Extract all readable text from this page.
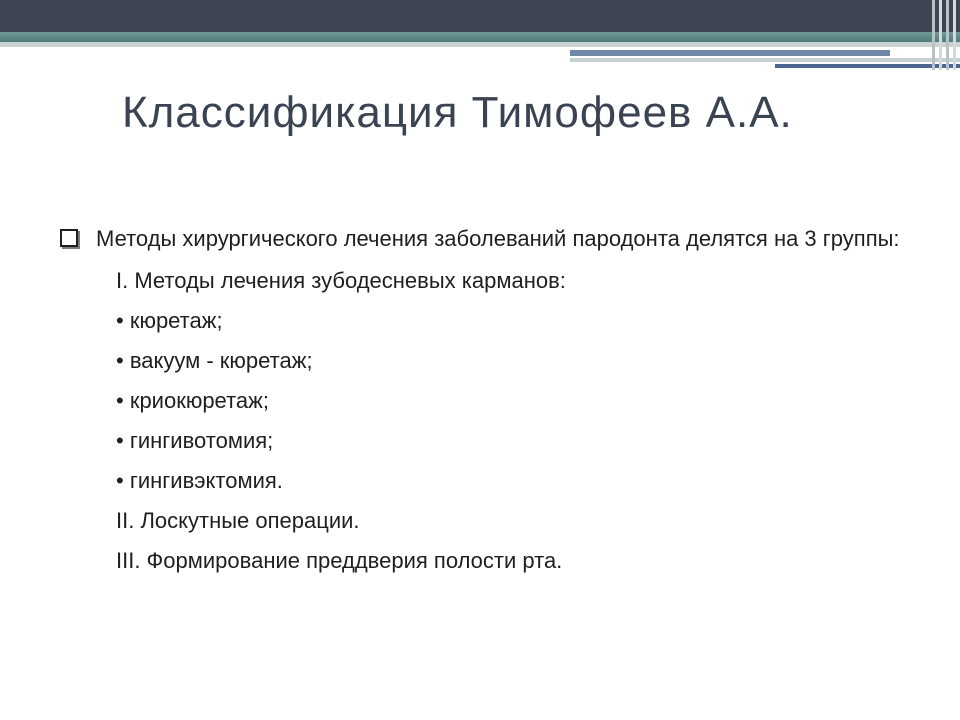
Классификация Тимофеев А.А.
Методы хирургического лечения заболеваний пародонта делятся на 3 группы:
I. Методы лечения зубодесневых карманов:
• кюретаж;
• вакуум - кюретаж;
• криокюретаж;
• гингивотомия;
• гингивэктомия.
II. Лоскутные операции.
III. Формирование преддверия полости рта.
